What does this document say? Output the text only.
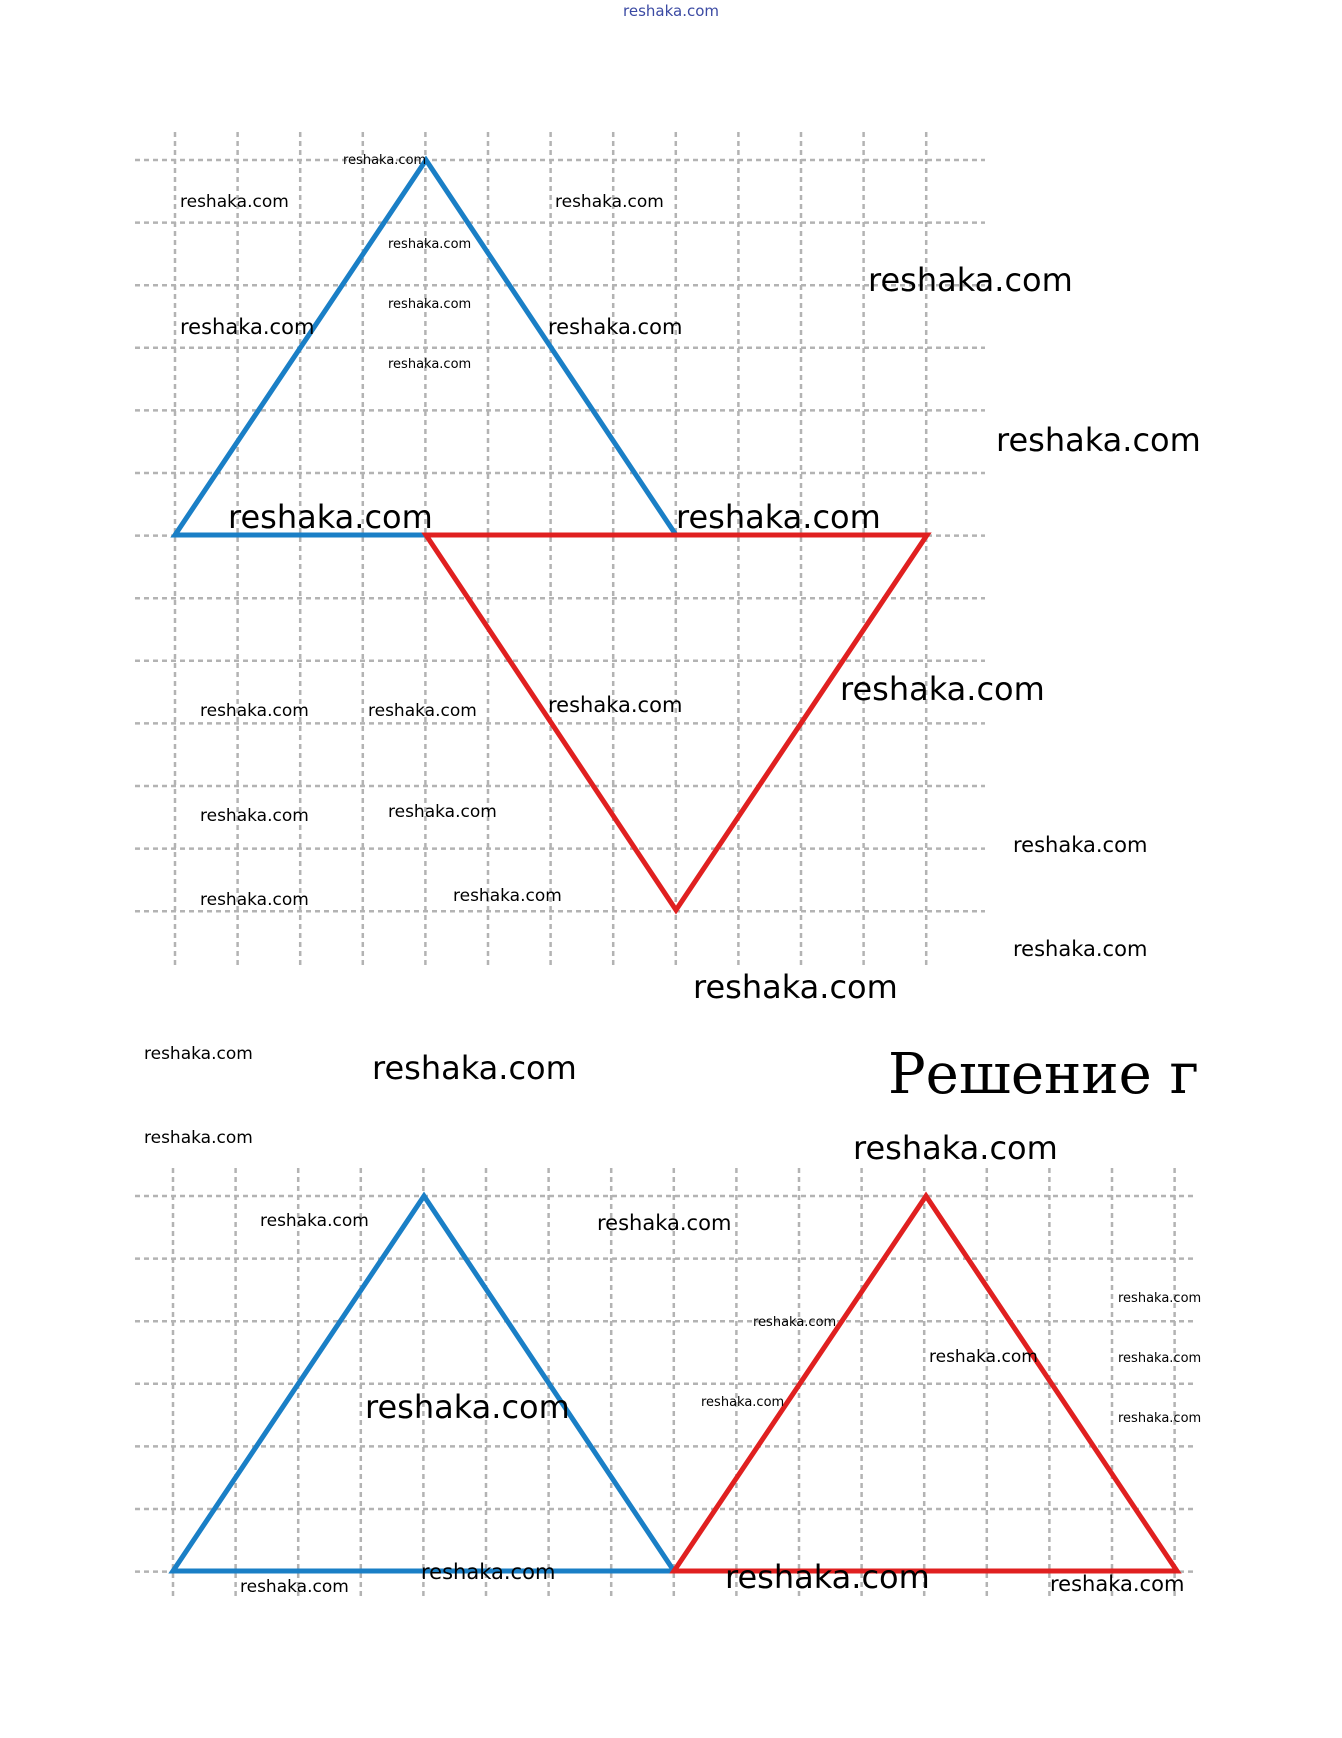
reshaka.com
reshaka.com
reshaka.com	reshaka.com
reshaka.com
reshaka.com
reshaka.com
reshaka.com	reshaka.com
reshaka.com
reshaka.com
reshaka.com	reshaka.com
reshaka.com
reshaka.com
reshaka.com	reshaka.com
reshaka.com
reshaka.com
reshaka.com
reshaka.com
reshaka.com
reshaka.com
reshaka.com
reshaka.com	reshaka.com	Решение г
reshaka.com	reshaka.com
reshaka.com	reshaka.com
reshaka.com
reshaka.com
reshaka.com	reshaka.com
reshaka.com
reshaka.com	reshaka.com
reshaka.com	reshaka.com
reshaka.com	reshaka.com
